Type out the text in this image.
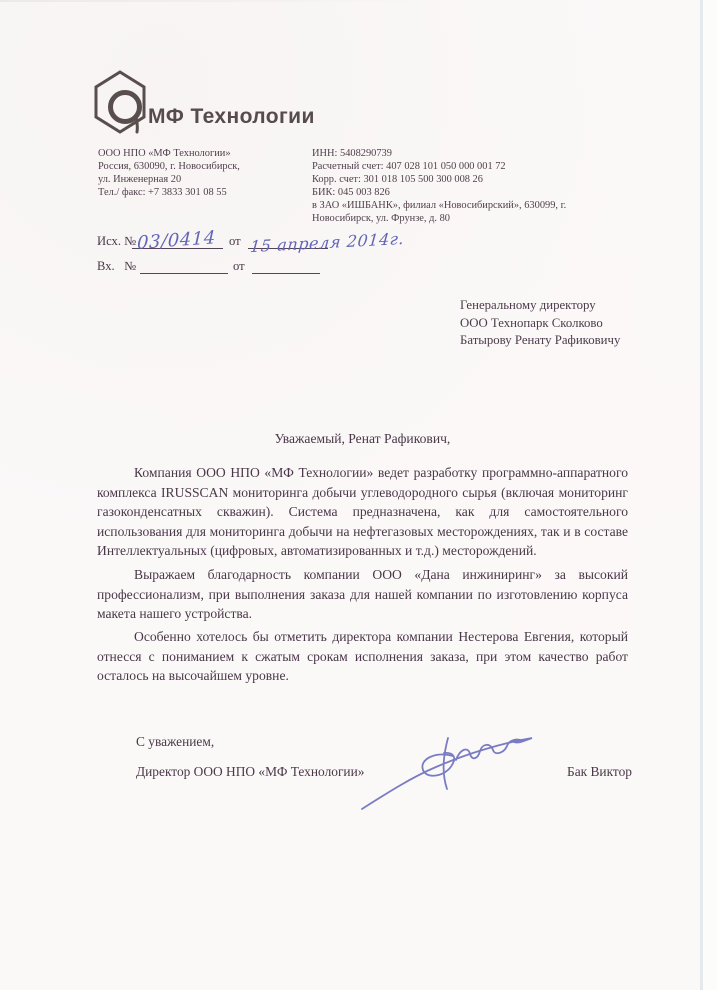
МФ Технологии
ООО НПО «МФ Технологии»
Россия, 630090, г. Новосибирск,
ул. Инженерная 20
Тел./ факс: +7 3833 301 08 55
ИНН: 5408290739
Расчетный счет: 407 028 101 050 000 001 72
Корр. счет: 301 018 105 500 300 008 26
БИК: 045 003 826
в ЗАО «ИШБАНК», филиал «Новосибирский», 630099, г.
Новосибирск, ул. Фрунзе, д. 80
Исх. № 03/0414 от 15 апреля 2014г.
Вх.   №	от
Генеральному директору
ООО Технопарк Сколково
Батырову Ренату Рафиковичу
Уважаемый, Ренат Рафикович,
Компания ООО НПО «МФ Технологии» ведет разработку программно-аппаратного
комплекса IRUSSCAN мониторинга добычи углеводородного сырья (включая мониторинг
газоконденсатных скважин). Система предназначена, как для самостоятельного
использования для мониторинга добычи на нефтегазовых месторождениях, так и в составе
Интеллектуальных (цифровых, автоматизированных и т.д.) месторождений.
Выражаем благодарность компании ООО «Дана инжиниринг» за высокий
профессионализм, при выполнения заказа для нашей компании по изготовлению корпуса
макета нашего устройства.
Особенно хотелось бы отметить директора компании Нестерова Евгения, который
отнесся с пониманием к сжатым срокам исполнения заказа, при этом качество работ
осталось на высочайшем уровне.
С уважением,
Директор ООО НПО «МФ Технологии»	Бак Виктор
